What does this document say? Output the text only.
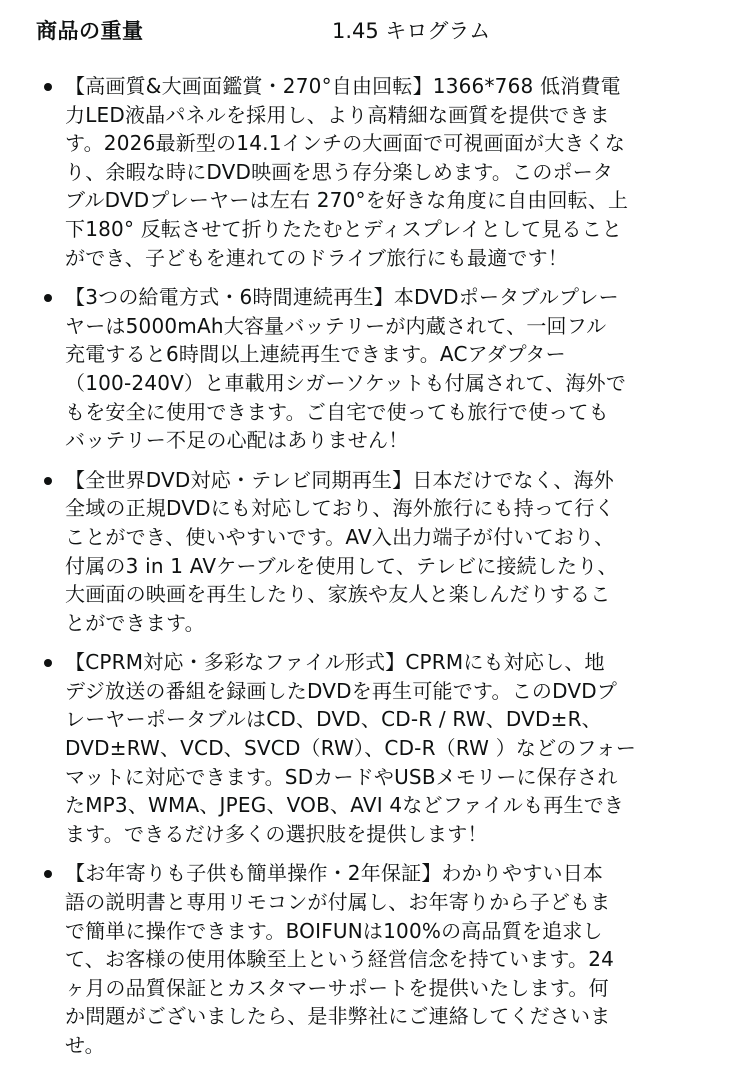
商品の重量	1.45 キログラム
【高画質&大画面鑑賞・270°自由回転】1366*768 低消費電
力LED液晶パネルを採用し、より高精細な画質を提供できま
す。2026最新型の14.1インチの大画面で可視画面が大きくな
り、余暇な時にDVD映画を思う存分楽しめます。このポータ
ブルDVDプレーヤーは左右 270°を好きな角度に自由回転、上
下180° 反転させて折りたたむとディスプレイとして見ること
ができ、子どもを連れてのドライブ旅行にも最適です！
【3つの給電方式・6時間連続再生】本DVDポータブルプレー
ヤーは5000mAh大容量バッテリーが内蔵されて、一回フル
充電すると6時間以上連続再生できます。ACアダプター
（100-240V）と車載用シガーソケットも付属されて、海外で
もを安全に使用できます。ご自宅で使っても旅行で使っても
バッテリー不足の心配はありません！
【全世界DVD対応・テレビ同期再生】日本だけでなく、海外
全域の正規DVDにも対応しており、海外旅行にも持って行く
ことができ、使いやすいです。AV入出力端子が付いており、
付属の3 in 1 AVケーブルを使用して、テレビに接続したり、
大画面の映画を再生したり、家族や友人と楽しんだりするこ
とができます。
【CPRM対応・多彩なファイル形式】CPRMにも対応し、地
デジ放送の番組を録画したDVDを再生可能です。このDVDプ
レーヤーポータブルはCD、DVD、CD-R / RW、DVD±R、
DVD±RW、VCD、SVCD（RW）、CD-R（RW ）などのフォー
マットに対応できます。SDカードやUSBメモリーに保存され
たMP3、WMA、JPEG、VOB、AVI 4などファイルも再生でき
ます。できるだけ多くの選択肢を提供します！
【お年寄りも子供も簡単操作・2年保証】わかりやすい日本
語の説明書と専用リモコンが付属し、お年寄りから子どもま
で簡単に操作できます。BOIFUNは100%の高品質を追求し
て、お客様の使用体験至上という経営信念を持ています。24
ヶ月の品質保証とカスタマーサポートを提供いたします。何
か問題がございましたら、是非弊社にご連絡してくださいま
せ。
